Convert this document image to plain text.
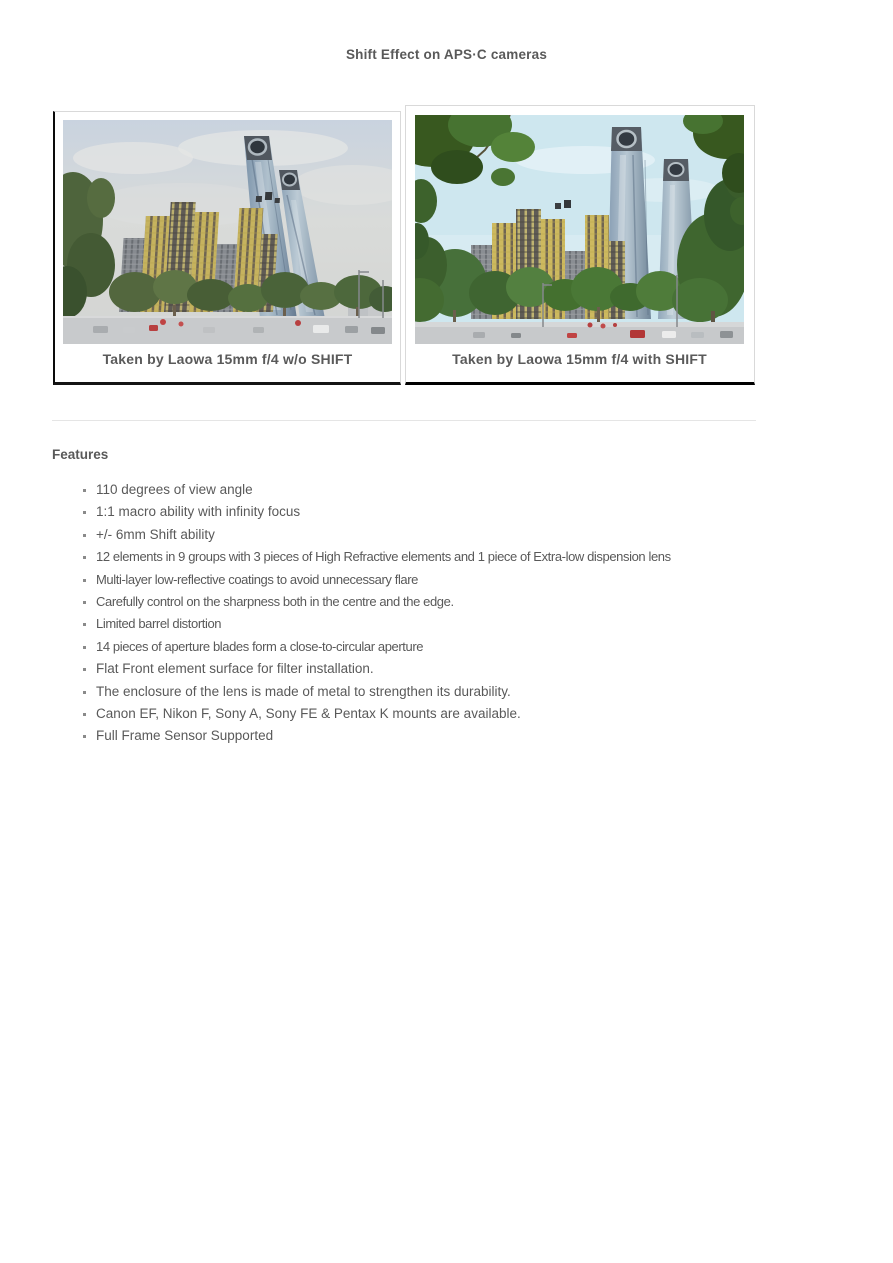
Shift Effect on APS·C cameras
Taken by Laowa 15mm f/4 w/o SHIFT	Taken by Laowa 15mm f/4 with SHIFT
Features
▪ 110 degrees of view angle
▪ 1:1 macro ability with infinity focus
▪ +/- 6mm Shift ability
▪ 12 elements in 9 groups with 3 pieces of High Refractive elements and 1 piece of Extra-low dispension lens
▪ Multi-layer low-reflective coatings to avoid unnecessary flare
▪ Carefully control on the sharpness both in the centre and the edge.
▪ Limited barrel distortion
▪ 14 pieces of aperture blades form a close-to-circular aperture
▪ Flat Front element surface for filter installation.
▪ The enclosure of the lens is made of metal to strengthen its durability.
▪ Canon EF, Nikon F, Sony A, Sony FE & Pentax K mounts are available.
▪ Full Frame Sensor Supported
